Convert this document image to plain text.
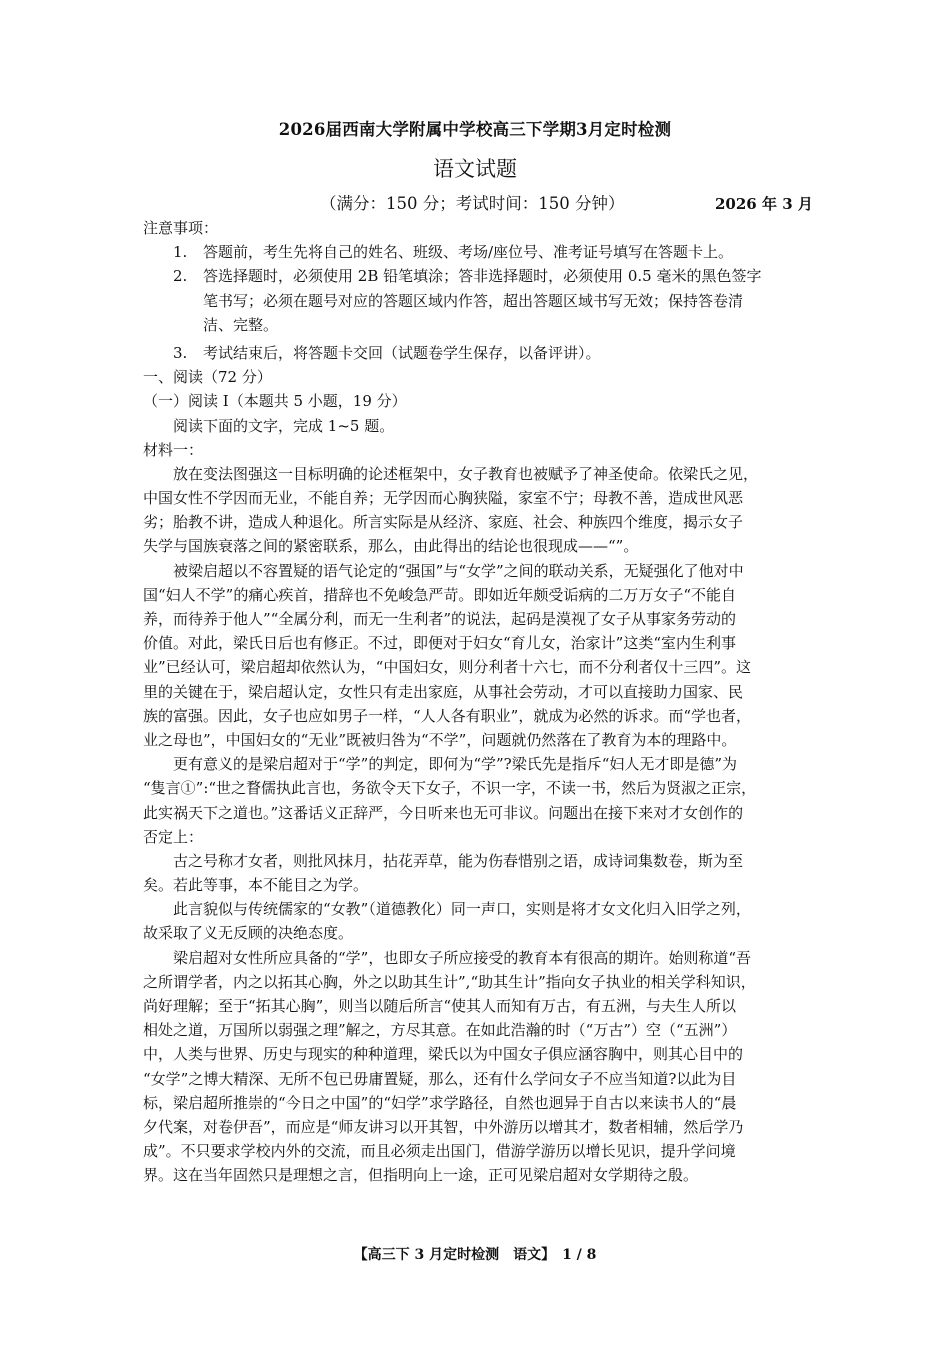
2026届西南大学附属中学校高三下学期3月定时检测
语文试题
（满分：150 分；考试时间：150 分钟）	2026 年 3 月
注意事项：
1.	答题前，考生先将自己的姓名、班级、考场/座位号、准考证号填写在答题卡上。
2.	答选择题时，必须使用 2B 铅笔填涂；答非选择题时，必须使用 0.5 毫米的黑色签字
笔书写；必须在题号对应的答题区域内作答，超出答题区域书写无效；保持答卷清
洁、完整。
3.	考试结束后，将答题卡交回（试题卷学生保存，以备评讲）。
一、阅读（72 分）
（一）阅读 I（本题共 5 小题，19 分）
阅读下面的文字，完成 1~5 题。
材料一：
放在变法图强这一目标明确的论述框架中，女子教育也被赋予了神圣使命。依梁氏之见，
中国女性不学因而无业，不能自养；无学因而心胸狭隘，家室不宁；母教不善，造成世风恶
劣；胎教不讲，造成人种退化。所言实际是从经济、家庭、社会、种族四个维度，揭示女子
失学与国族衰落之间的紧密联系，那么，由此得出的结论也很现成——“”。
被梁启超以不容置疑的语气论定的“强国”与“女学”之间的联动关系，无疑强化了他对中
国“妇人不学”的痛心疾首，措辞也不免峻急严苛。即如近年颇受诟病的二万万女子“不能自
养，而待养于他人”“全属分利，而无一生利者”的说法，起码是漠视了女子从事家务劳动的
价值。对此，梁氏日后也有修正。不过，即便对于妇女“育儿女，治家计”这类“室内生利事
业”已经认可，梁启超却依然认为，“中国妇女，则分利者十六七，而不分利者仅十三四”。这
里的关键在于，梁启超认定，女性只有走出家庭，从事社会劳动，才可以直接助力国家、民
族的富强。因此，女子也应如男子一样，“人人各有职业”，就成为必然的诉求。而“学也者，
业之母也”，中国妇女的“无业”既被归咎为“不学”，问题就仍然落在了教育为本的理路中。
更有意义的是梁启超对于“学”的判定，即何为“学”?梁氏先是指斥“妇人无才即是德”为
“隻言①”:“世之瞀儒执此言也，务欲令天下女子，不识一字，不读一书，然后为贤淑之正宗，
此实祸天下之道也。”这番话义正辞严，今日听来也无可非议。问题出在接下来对才女创作的
否定上：
古之号称才女者，则批风抹月，拈花弄草，能为伤春惜别之语，成诗词集数卷，斯为至
矣。若此等事，本不能目之为学。
此言貌似与传统儒家的“女教”（道德教化）同一声口，实则是将才女文化归入旧学之列，
故采取了义无反顾的决绝态度。
梁启超对女性所应具备的“学”，也即女子所应接受的教育本有很高的期许。始则称道“吾
之所谓学者，内之以拓其心胸，外之以助其生计”,“助其生计”指向女子执业的相关学科知识，
尚好理解；至于“拓其心胸”，则当以随后所言“使其人而知有万古，有五洲，与夫生人所以
相处之道，万国所以弱强之理”解之，方尽其意。在如此浩瀚的时（“万古”）空（“五洲”）
中，人类与世界、历史与现实的种种道理，梁氏以为中国女子俱应涵容胸中，则其心目中的
“女学”之博大精深、无所不包已毋庸置疑，那么，还有什么学问女子不应当知道?以此为目
标，梁启超所推崇的“今日之中国”的“妇学”求学路径，自然也迥异于自古以来读书人的“晨
夕代案，对卷伊吾”，而应是“师友讲习以开其智，中外游历以增其才，数者相辅，然后学乃
成”。不只要求学校内外的交流，而且必须走出国门，借游学游历以增长见识，提升学问境
界。这在当年固然只是理想之言，但指明向上一途，正可见梁启超对女学期待之殷。
【高三下 3 月定时检测　语文】　1 / 8
